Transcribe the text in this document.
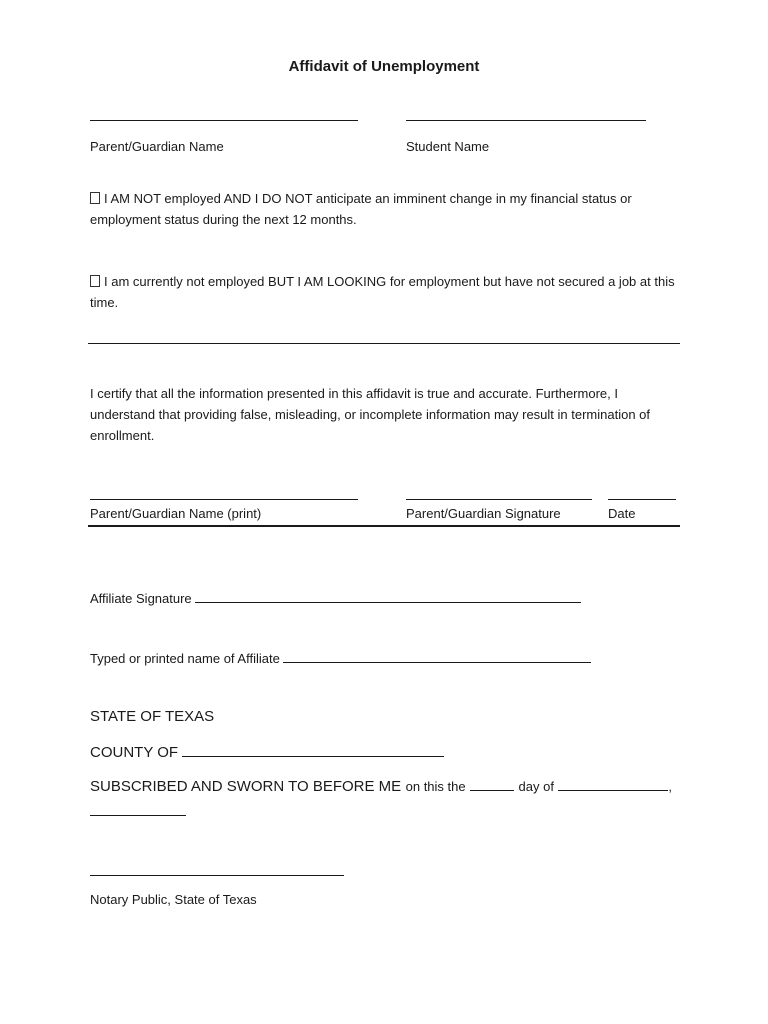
Affidavit of Unemployment
Parent/Guardian Name	Student Name
I AM NOT employed AND I DO NOT anticipate an imminent change in my financial status or employment status during the next 12 months.
I am currently not employed BUT I AM LOOKING for employment but have not secured a job at this time.
I certify that all the information presented in this affidavit is true and accurate. Furthermore, I understand that providing false, misleading, or incomplete information may result in termination of enrollment.
Parent/Guardian Name (print)	Parent/Guardian Signature	Date
Affiliate Signature
Typed or printed name of Affiliate
STATE OF TEXAS
COUNTY OF
SUBSCRIBED AND SWORN TO BEFORE ME on this the	day of	,
Notary Public, State of Texas
